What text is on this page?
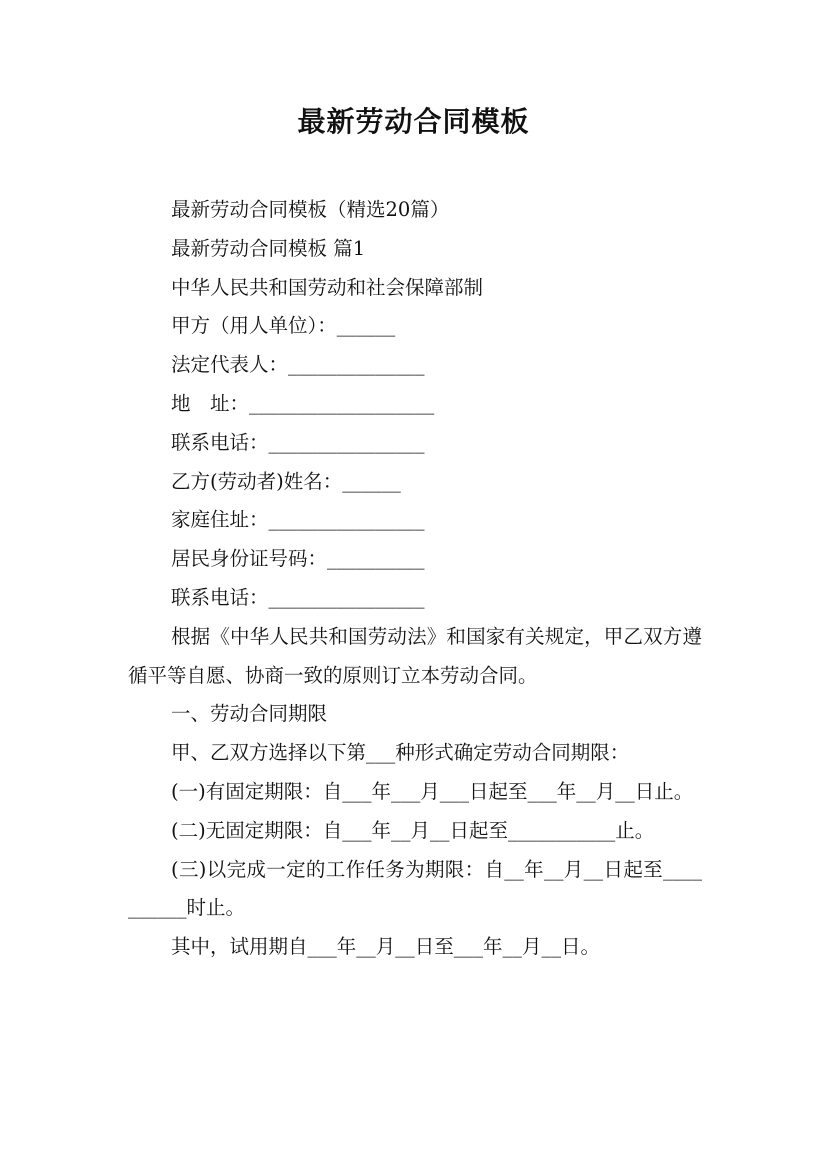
最新劳动合同模板

最新劳动合同模板（精选20篇）

最新劳动合同模板 篇1

中华人民共和国劳动和社会保障部制

甲方（用人单位）：______

法定代表人：______________

地　址：___________________

联系电话：________________

乙方(劳动者)姓名：______

家庭住址：________________

居民身份证号码：__________

联系电话：________________

根据《中华人民共和国劳动法》和国家有关规定，甲乙双方遵循平等自愿、协商一致的原则订立本劳动合同。

一、劳动合同期限

甲、乙双方选择以下第___种形式确定劳动合同期限：

(一)有固定期限：自___年___月___日起至___年__月__日止。

(二)无固定期限：自___年__月__日起至___________止。

(三)以完成一定的工作任务为期限：自__年__月__日起至__________时止。

其中，试用期自___年__月__日至___年__月__日。
